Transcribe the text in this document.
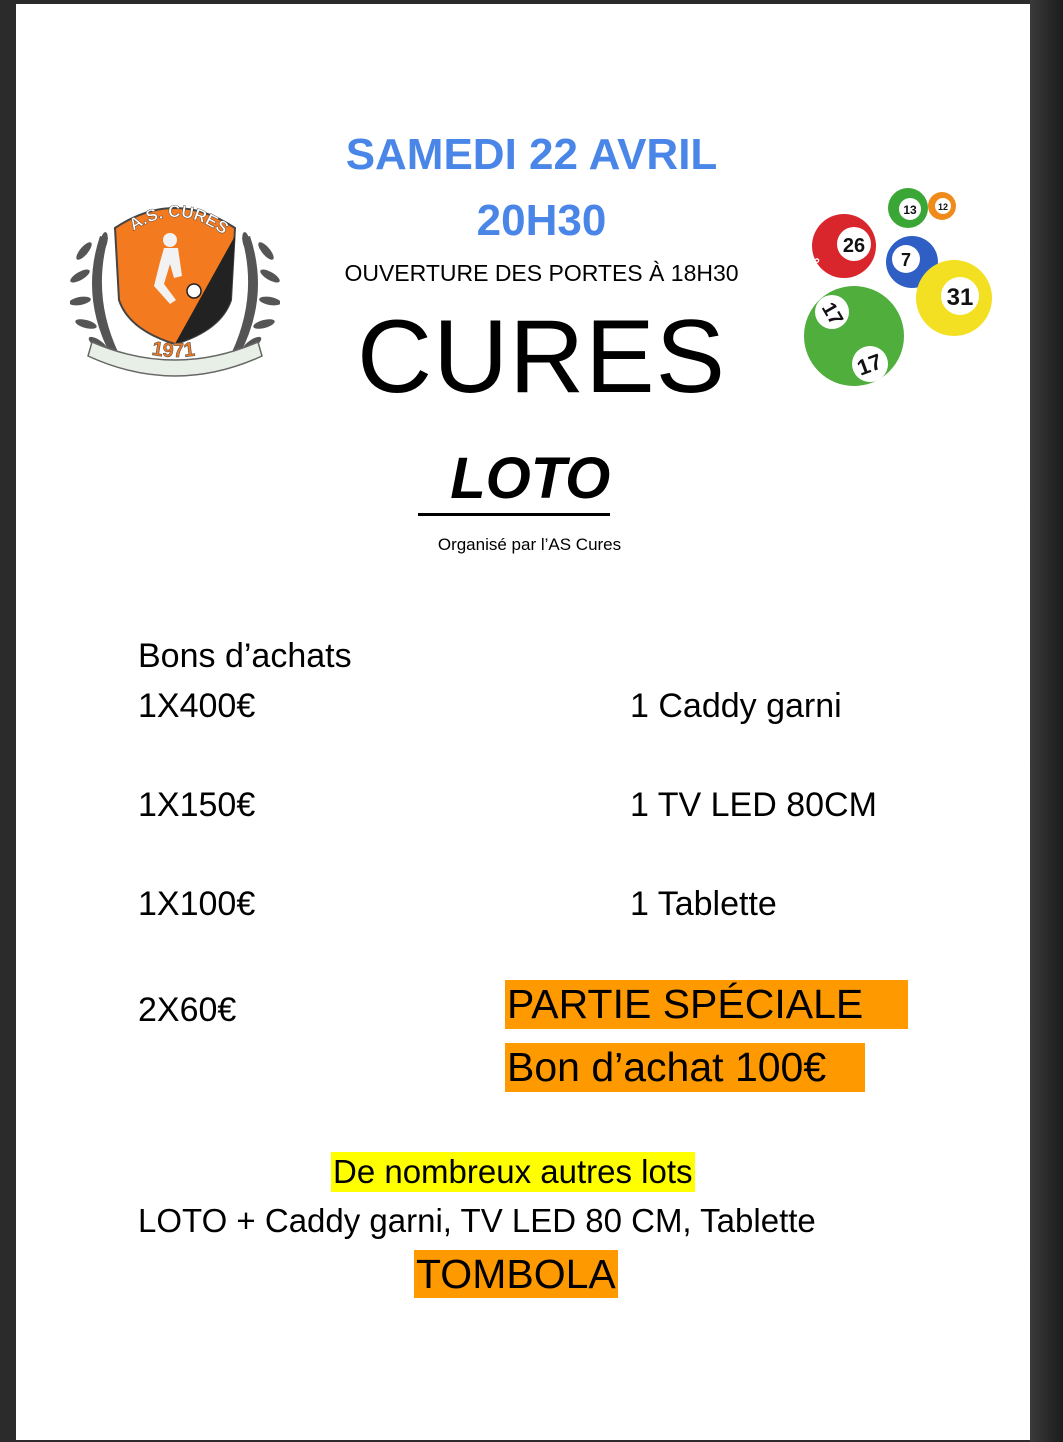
A.S. CURES
1971
13 12
26
96	7
31
17
17
SAMEDI 22 AVRIL
20H30
OUVERTURE DES PORTES À 18H30
CURES
LOTO
Organisé par l’AS Cures
Bons d’achats
1X400€
1X150€
1X100€
2X60€
1 Caddy garni
1 TV LED 80CM
1 Tablette
PARTIE SPÉCIALE
Bon d’achat 100€
De nombreux autres lots
LOTO + Caddy garni, TV LED 80 CM, Tablette
TOMBOLA
